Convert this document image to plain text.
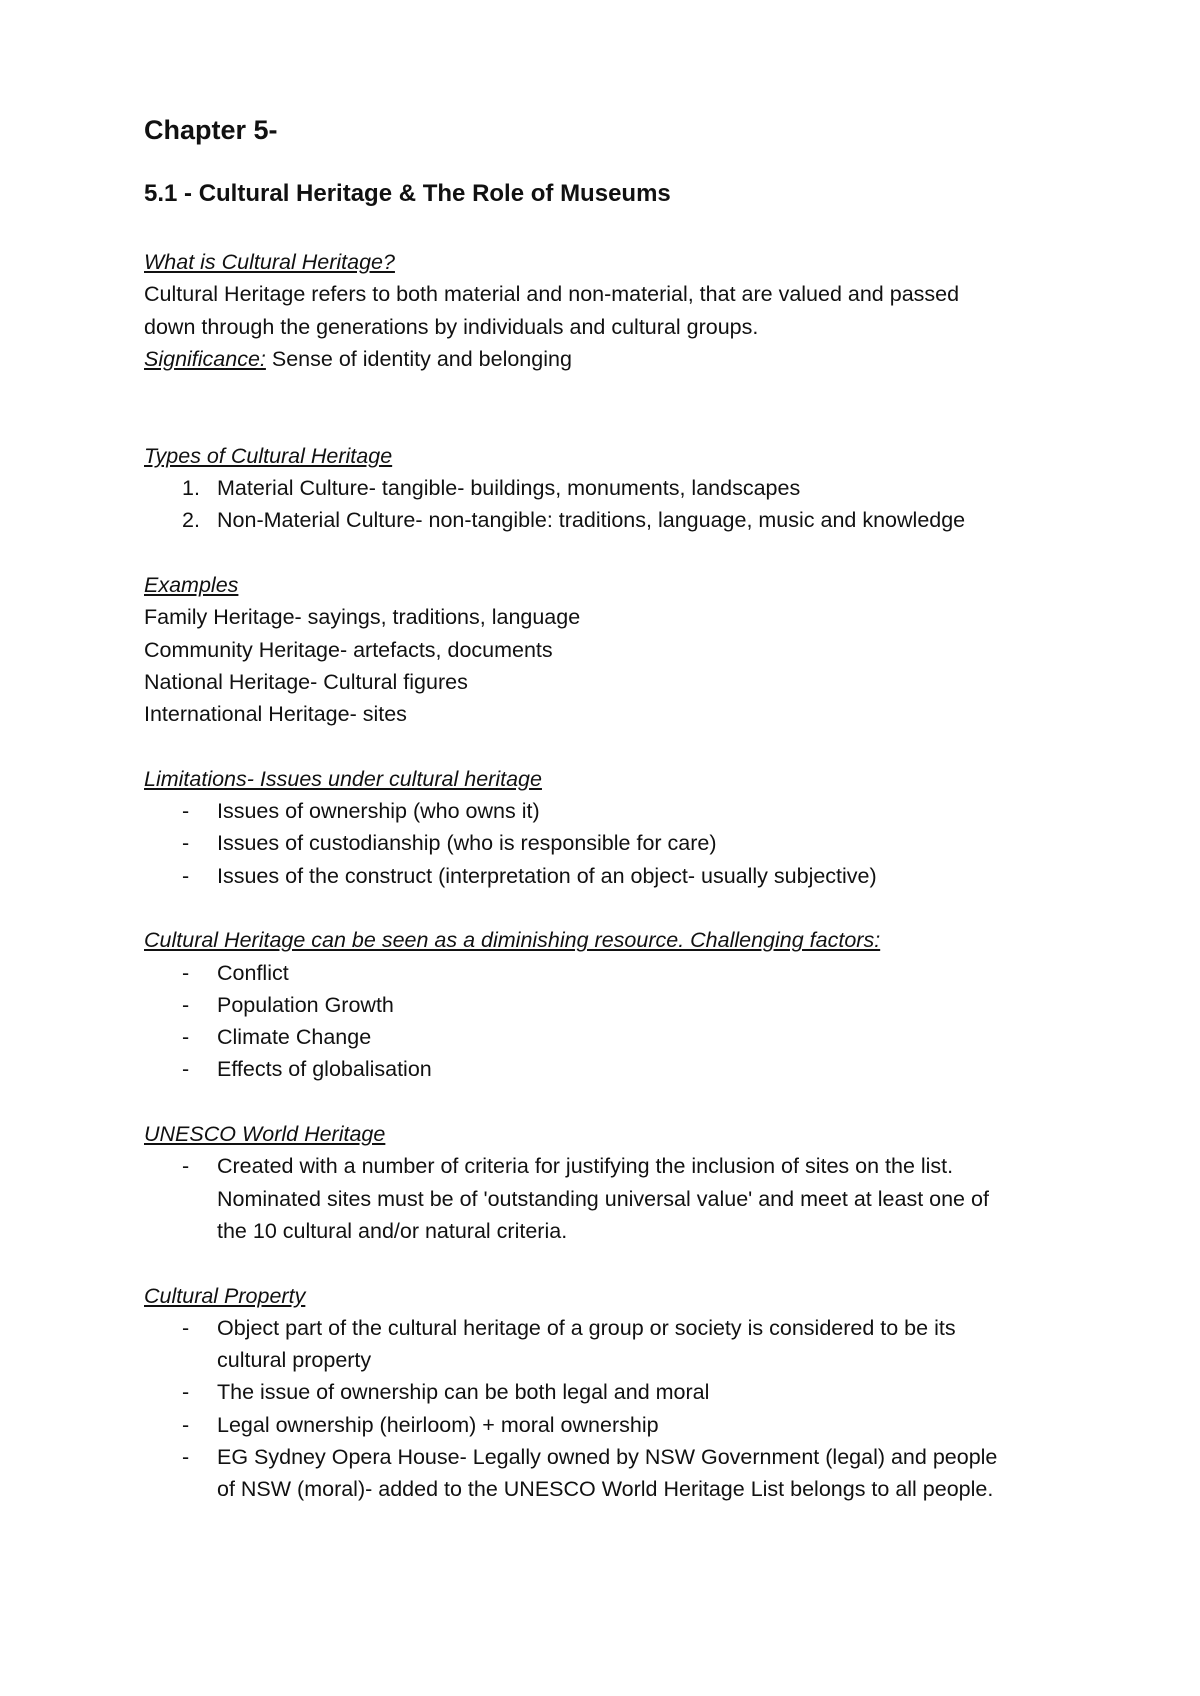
Chapter 5-
5.1 - Cultural Heritage & The Role of Museums

What is Cultural Heritage?

Cultural Heritage refers to both material and non-material, that are valued and passed

down through the generations by individuals and cultural groups.

Significance: Sense of identity and belonging

Types of Cultural Heritage

1. Material Culture- tangible- buildings, monuments, landscapes
2. Non-Material Culture- non-tangible: traditions, language, music and knowledge

Examples

Family Heritage- sayings, traditions, language

Community Heritage- artefacts, documents

National Heritage- Cultural figures

International Heritage- sites

Limitations- Issues under cultural heritage

- Issues of ownership (who owns it)
- Issues of custodianship (who is responsible for care)
- Issues of the construct (interpretation of an object- usually subjective)

Cultural Heritage can be seen as a diminishing resource. Challenging factors:

- Conflict
- Population Growth
- Climate Change
- Effects of globalisation

UNESCO World Heritage

- Created with a number of criteria for justifying the inclusion of sites on the list.
Nominated sites must be of 'outstanding universal value' and meet at least one of
the 10 cultural and/or natural criteria.

Cultural Property

- Object part of the cultural heritage of a group or society is considered to be its
cultural property
- The issue of ownership can be both legal and moral
- Legal ownership (heirloom) + moral ownership
- EG Sydney Opera House- Legally owned by NSW Government (legal) and people
of NSW (moral)- added to the UNESCO World Heritage List belongs to all people.
